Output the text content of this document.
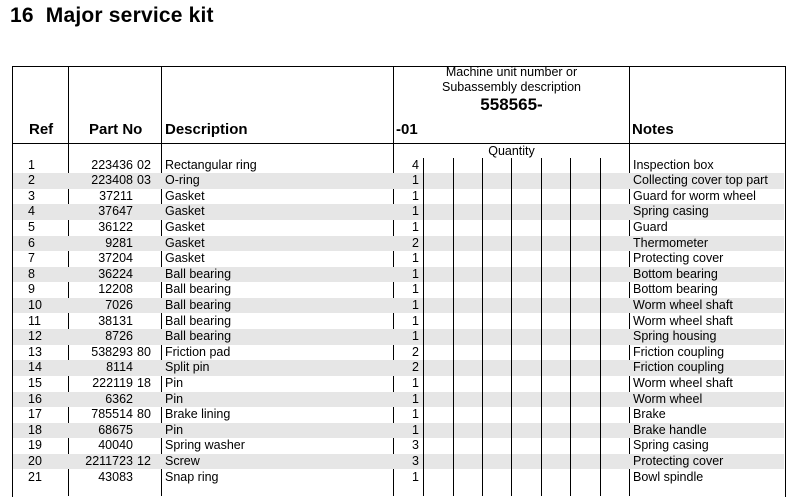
16 Major service kit
Ref Part No Description	-01	Notes
Machine unit number or
Subassembly description
558565-
Quantity
1	223436 02 Rectangular ring	4	Inspection box
2	223408 03 O-ring	1	Collecting cover top part
3	37211	Gasket	1	Guard for worm wheel
4	37647	Gasket	1	Spring casing
5	36122	Gasket	1	Guard
6	9281	Gasket	2	Thermometer
7	37204	Gasket	1	Protecting cover
8	36224	Ball bearing	1	Bottom bearing
9	12208	Ball bearing	1	Bottom bearing
10	7026	Ball bearing	1	Worm wheel shaft
11	38131	Ball bearing	1	Worm wheel shaft
12	8726	Ball bearing	1	Spring housing
13	538293 80 Friction pad	2	Friction coupling
14	8114	Split pin	2	Friction coupling
15	222119 18 Pin	1	Worm wheel shaft
16	6362	Pin	1	Worm wheel
17	785514 80 Brake lining	1	Brake
18	68675	Pin	1	Brake handle
19	40040	Spring washer	3	Spring casing
20	2211723 12 Screw	3	Protecting cover
21	43083	Snap ring	1	Bowl spindle
